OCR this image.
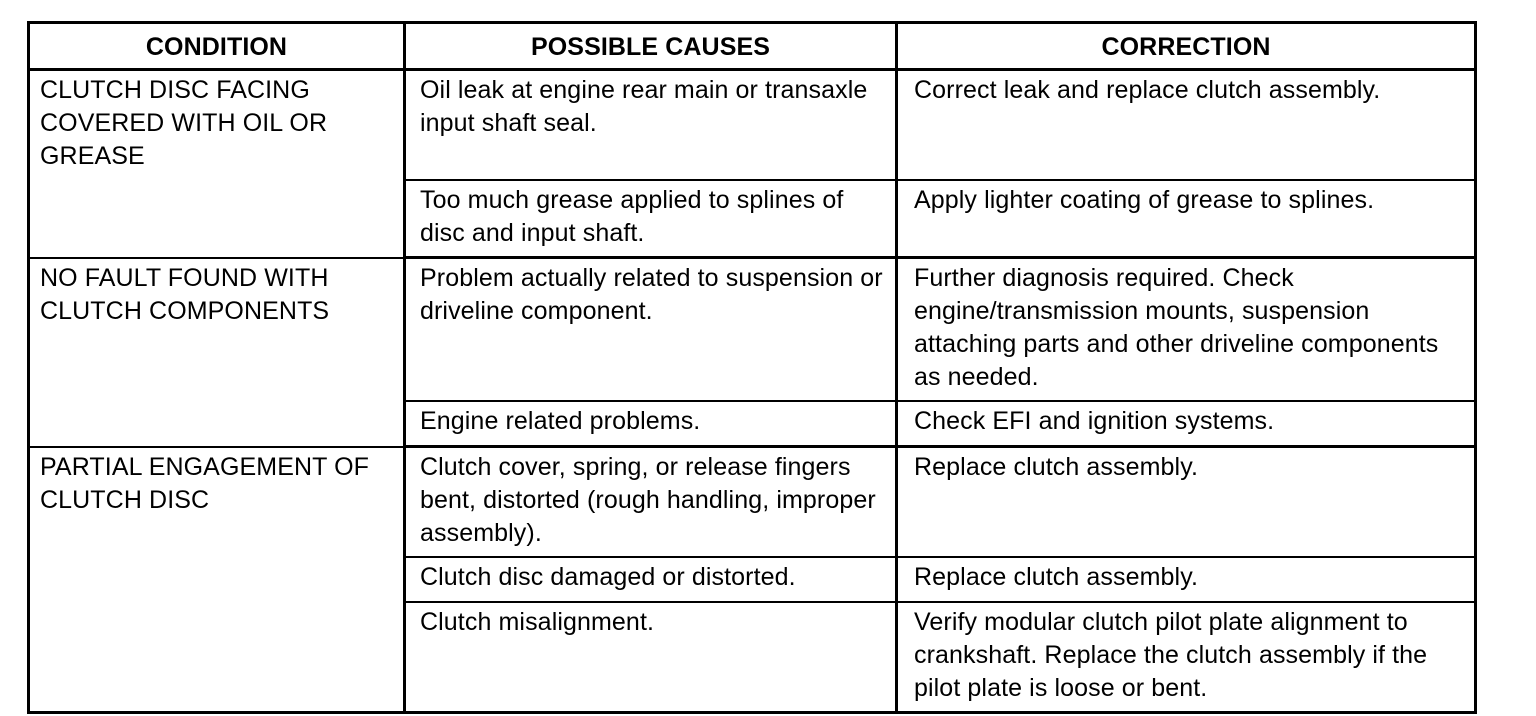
CONDITION	POSSIBLE CAUSES	CORRECTION
CLUTCH DISC FACING COVERED WITH OIL OR GREASE	Oil leak at engine rear main or transaxle input shaft seal.	Correct leak and replace clutch assembly.
	Too much grease applied to splines of disc and input shaft.	Apply lighter coating of grease to splines.
NO FAULT FOUND WITH CLUTCH COMPONENTS	Problem actually related to suspension or driveline component.	Further diagnosis required. Check engine/transmission mounts, suspension attaching parts and other driveline components as needed.
	Engine related problems.	Check EFI and ignition systems.
PARTIAL ENGAGEMENT OF CLUTCH DISC	Clutch cover, spring, or release fingers bent, distorted (rough handling, improper assembly).	Replace clutch assembly.
	Clutch disc damaged or distorted.	Replace clutch assembly.
	Clutch misalignment.	Verify modular clutch pilot plate alignment to crankshaft. Replace the clutch assembly if the pilot plate is loose or bent.
